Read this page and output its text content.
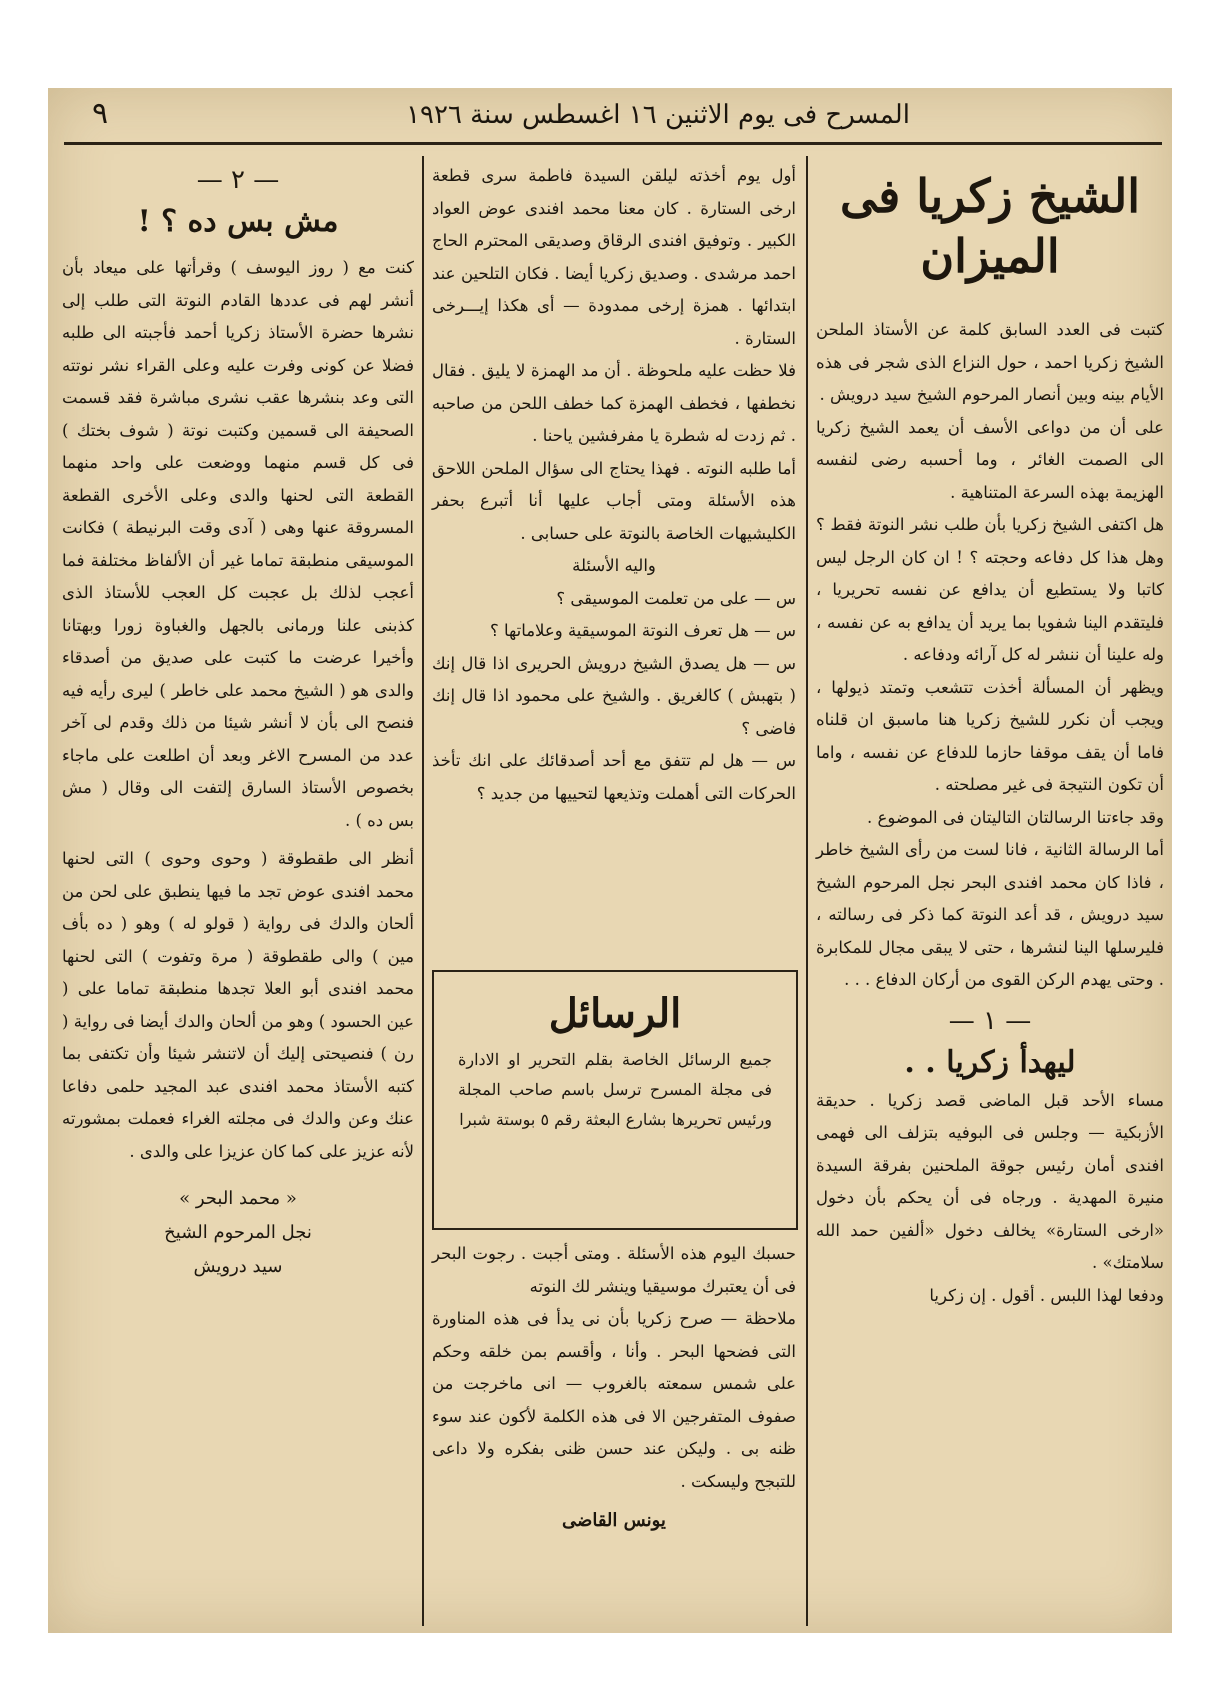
المسرح فى يوم الاثنين ١٦ اغسطس سنة ١٩٢٦
٩
الشيخ زكريا فى الميزان

كتبت فى العدد السابق كلمة عن الأستاذ الملحن الشيخ زكريا احمد ، حول النزاع الذى شجر فى هذه الأيام بينه وبين أنصار المرحوم الشيخ سيد درويش .

على أن من دواعى الأسف أن يعمد الشيخ زكريا الى الصمت الغائر ، وما أحسبه رضى لنفسه الهزيمة بهذه السرعة المتناهية .

هل اكتفى الشيخ زكريا بأن طلب نشر النوتة فقط ؟ وهل هذا كل دفاعه وحجته ؟ ! ان كان الرجل ليس كاتبا ولا يستطيع أن يدافع عن نفسه تحريريا ، فليتقدم الينا شفويا بما يريد أن يدافع به عن نفسه ، وله علينا أن ننشر له كل آرائه ودفاعه .

ويظهر أن المسألة أخذت تتشعب وتمتد ذيولها ، ويجب أن نكرر للشيخ زكريا هنا ماسبق ان قلناه فاما أن يقف موقفا حازما للدفاع عن نفسه ، واما أن تكون النتيجة فى غير مصلحته .

وقد جاءتنا الرسالتان التاليتان فى الموضوع .

أما الرسالة الثانية ، فانا لست من رأى الشيخ خاطر ، فاذا كان محمد افندى البحر نجل المرحوم الشيخ سيد درويش ، قد أعد النوتة كما ذكر فى رسالته ، فليرسلها الينا لنشرها ، حتى لا يبقى مجال للمكابرة . وحتى يهدم الركن القوى من أركان الدفاع . . .

— ١ —
ليهدأ زكريا . .

مساء الأحد قبل الماضى قصد زكريا . حديقة الأزبكية — وجلس فى البوفيه بتزلف الى فهمى افندى أمان رئيس جوقة الملحنين بفرقة السيدة منيرة المهدية . ورجاه فى أن يحكم بأن دخول «ارخى الستارة» يخالف دخول «ألفين حمد الله سلامتك» .

ودفعا لهذا اللبس . أقول . إن زكريا

أول يوم أخذته ليلقن السيدة فاطمة سرى قطعة ارخى الستارة . كان معنا محمد افندى عوض العواد الكبير . وتوفيق افندى الرقاق وصديقى المحترم الحاج احمد مرشدى . وصديق زكريا أيضا . فكان التلحين عند ابتدائها . همزة إرخى ممدودة — أى هكذا إيـــرخى الستارة .

فلا حظت عليه ملحوظة . أن مد الهمزة لا يليق . فقال نخطفها ، فخطف الهمزة كما خطف اللحن من صاحبه . ثم زدت له شطرة يا مفرفشين ياحنا .

أما طلبه النوته . فهذا يحتاج الى سؤال الملحن اللاحق هذه الأسئلة ومتى أجاب عليها أنا أتبرع بحفر الكليشيهات الخاصة بالنوتة على حسابى .

واليه الأسئلة

س — على من تعلمت الموسيقى ؟

س — هل تعرف النوتة الموسيقية وعلاماتها ؟

س — هل يصدق الشيخ درويش الحريرى اذا قال إنك ( بتهبش ) كالغريق . والشيخ على محمود اذا قال إنك فاضى ؟

س — هل لم تتفق مع أحد أصدقائك على انك تأخذ الحركات التى أهملت وتذيعها لتحييها من جديد ؟

الرسائل

جميع الرسائل الخاصة بقلم التحرير او الادارة فى مجلة المسرح ترسل باسم صاحب المجلة ورئيس تحريرها بشارع البعثة رقم ٥ بوستة شبرا

حسبك اليوم هذه الأسئلة . ومتى أجبت . رجوت البحر فى أن يعتبرك موسيقيا وينشر لك النوته

ملاحظة — صرح زكريا بأن نى يدأ فى هذه المناورة التى فضحها البحر . وأنا ، وأقسم بمن خلقه وحكم على شمس سمعته بالغروب — انى ماخرجت من صفوف المتفرجين الا فى هذه الكلمة لأكون عند سوء ظنه بى . وليكن عند حسن ظنى بفكره ولا داعى للتبجح وليسكت .

يونس القاضى
— ٢ —
مش بس ده ؟ !

كنت مع ( روز اليوسف ) وقرأتها على ميعاد بأن أنشر لهم فى عددها القادم النوتة التى طلب إلى نشرها حضرة الأستاذ زكريا أحمد فأجبته الى طلبه فضلا عن كونى وفرت عليه وعلى القراء نشر نوتته التى وعد بنشرها عقب نشرى مباشرة فقد قسمت الصحيفة الى قسمين وكتبت نوتة ( شوف بختك ) فى كل قسم منهما ووضعت على واحد منهما القطعة التى لحنها والدى وعلى الأخرى القطعة المسروقة عنها وهى ( آدى وقت البرنيطة ) فكانت الموسيقى منطبقة تماما غير أن الألفاظ مختلفة فما أعجب لذلك بل عجبت كل العجب للأستاذ الذى كذبنى علنا ورمانى بالجهل والغباوة زورا وبهتانا وأخيرا عرضت ما كتبت على صديق من أصدقاء والدى هو ( الشيخ محمد على خاطر ) ليرى رأيه فيه فنصح الى بأن لا أنشر شيئا من ذلك وقدم لى آخر عدد من المسرح الاغر وبعد أن اطلعت على ماجاء بخصوص الأستاذ السارق إلتفت الى وقال ( مش بس ده ) .

أنظر الى طقطوقة ( وحوى وحوى ) التى لحنها محمد افندى عوض تجد ما فيها ينطبق على لحن من ألحان والدك فى رواية ( قولو له ) وهو ( ده بأف مين ) والى طقطوقة ( مرة وتفوت ) التى لحنها محمد افندى أبو العلا تجدها منطبقة تماما على ( عين الحسود ) وهو من ألحان والدك أيضا فى رواية ( رن ) فنصيحتى إليك أن لاتنشر شيئا وأن تكتفى بما كتبه الأستاذ محمد افندى عبد المجيد حلمى دفاعا عنك وعن والدك فى مجلته الغراء فعملت بمشورته لأنه عزيز على كما كان عزيزا على والدى .

« محمد البحر »
نجل المرحوم الشيخ
سيد درويش
